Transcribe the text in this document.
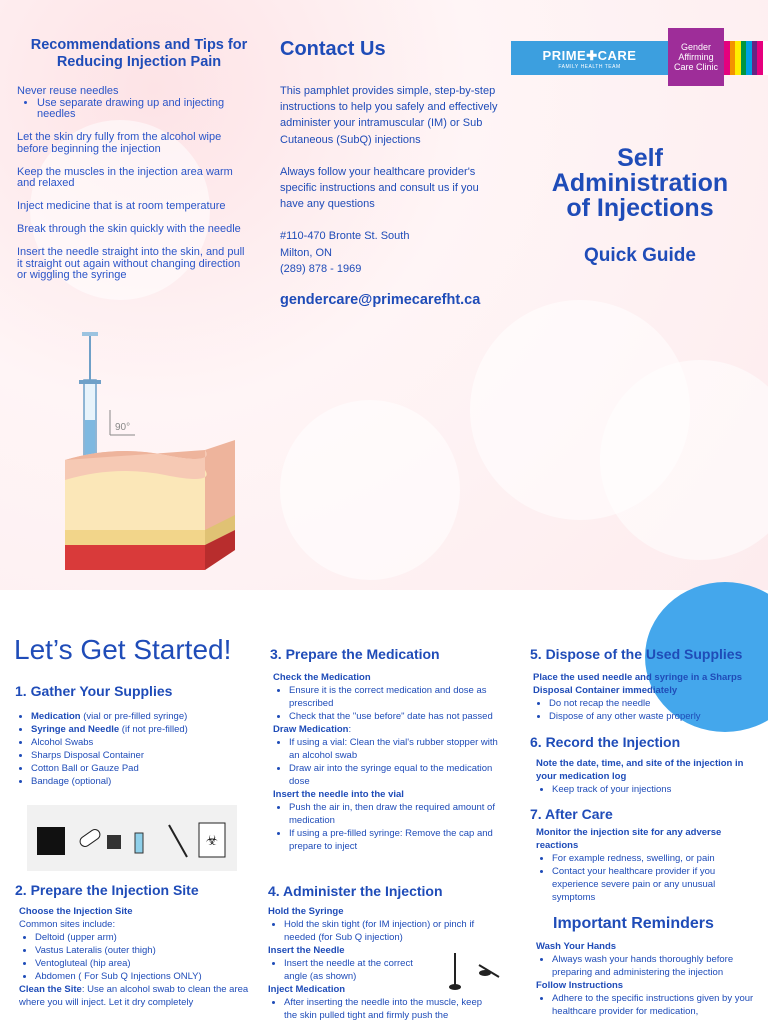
Recommendations and Tips for Reducing Injection Pain

Never reuse needles

• Use separate drawing up and injecting needles

Let the skin dry fully from the alcohol wipe before beginning the injection

Keep the muscles in the injection area warm and relaxed

Inject medicine that is at room temperature

Break through the skin quickly with the needle

Insert the needle straight into the skin, and pull it straight out again without changing direction or wiggling the syringe

Contact Us

This pamphlet provides simple, step-by-step instructions to help you safely and effectively administer your intramuscular (IM) or Sub Cutaneous (SubQ) injections

Always follow your healthcare provider's specific instructions and consult us if you have any questions

#110-470 Bronte St. South
Milton, ON
(289) 878 - 1969
gendercare@primecarefht.ca
PRIME✚CARE
FAMILY HEALTH TEAM
Gender
Affirming
Care Clinic
Self
Administration
of Injections
Quick Guide
90°
Let’s Get Started!
1. Gather Your Supplies
• Medication (vial or pre-filled syringe)
• Syringe and Needle (if not pre-filled)
• Alcohol Swabs
• Sharps Disposal Container
• Cotton Ball or Gauze Pad
• Bandage (optional)
☣
2. Prepare the Injection Site
Choose the Injection Site
Common sites include:
• Deltoid (upper arm)
• Vastus Lateralis (outer thigh)
• Ventogluteal (hip area)
• Abdomen ( For Sub Q Injections ONLY)
Clean the Site: Use an alcohol swab to clean the area where you will inject. Let it dry completely
3. Prepare the Medication
Check the Medication
• Ensure it is the correct medication and dose as prescribed
• Check that the "use before" date has not passed
Draw Medication:
• If using a vial: Clean the vial's rubber stopper with an alcohol swab
• Draw air into the syringe equal to the medication dose
Insert the needle into the vial
• Push the air in, then draw the required amount of medication
• If using a pre-filled syringe: Remove the cap and prepare to inject
4. Administer the Injection
Hold the Syringe
• Hold the skin tight (for IM injection) or pinch if needed (for Sub Q injection)
Insert the Needle
• Insert the needle at the correct angle (as shown)
Inject Medication
• After inserting the needle into the muscle, keep the skin pulled tight and firmly push the
5. Dispose of the Used Supplies
Place the used needle and syringe in a Sharps Disposal Container immediately
• Do not recap the needle
• Dispose of any other waste properly
6. Record the Injection
Note the date, time, and site of the injection in your medication log
• Keep track of your injections
7. After Care
Monitor the injection site for any adverse reactions
• For example redness, swelling, or pain
• Contact your healthcare provider if you experience severe pain or any unusual symptoms
Important Reminders
Wash Your Hands
• Always wash your hands thoroughly before preparing and administering the injection
Follow Instructions
• Adhere to the specific instructions given by your healthcare provider for medication,
